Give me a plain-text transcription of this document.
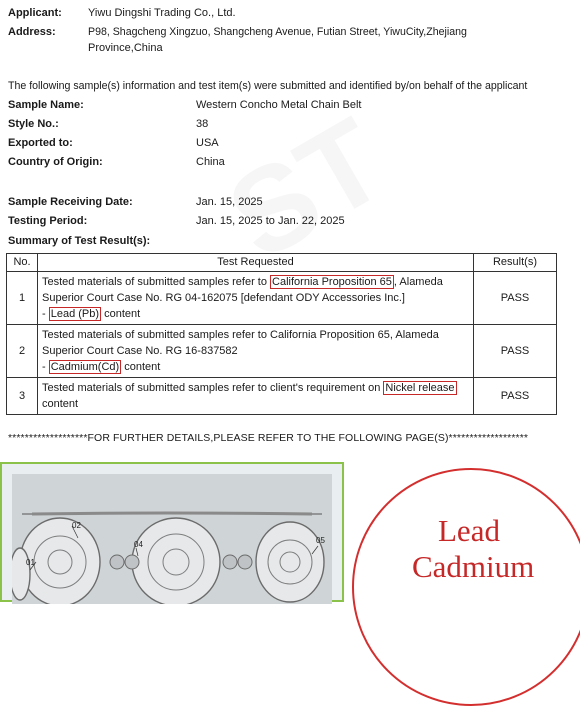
Applicant: Yiwu Dingshi Trading Co., Ltd.
Address:	P98, Shagcheng Xingzuo, Shangcheng Avenue, Futian Street, YiwuCity,Zhejiang
Province,China
The following sample(s) information and test item(s) were submitted and identified by/on behalf of the applicant
Sample Name:	Western Concho Metal Chain Belt
Style No.:	38
Exported to:	USA
Country of Origin:	China
Sample Receiving Date:	Jan. 15, 2025
Testing Period:	Jan. 15, 2025 to Jan. 22, 2025
Summary of Test Result(s):
No.	Test Requested	Result(s)
1	Tested materials of submitted samples refer to California Proposition 65 , Alameda Superior Court Case No. RG 04-162075 [defendant ODY Accessories Inc.]
- Lead (Pb) content	PASS
2	Tested materials of submitted samples refer to California Proposition 65, Alameda Superior Court Case No. RG 16-837582
- Cadmium(Cd) content	PASS
3	Tested materials of submitted samples refer to client's requirement on Nickel release
content	PASS
*******************FOR FURTHER DETAILS,PLEASE REFER TO THE FOLLOWING PAGE(S)*******************
01
02
04	05	Lead
Cadmium
